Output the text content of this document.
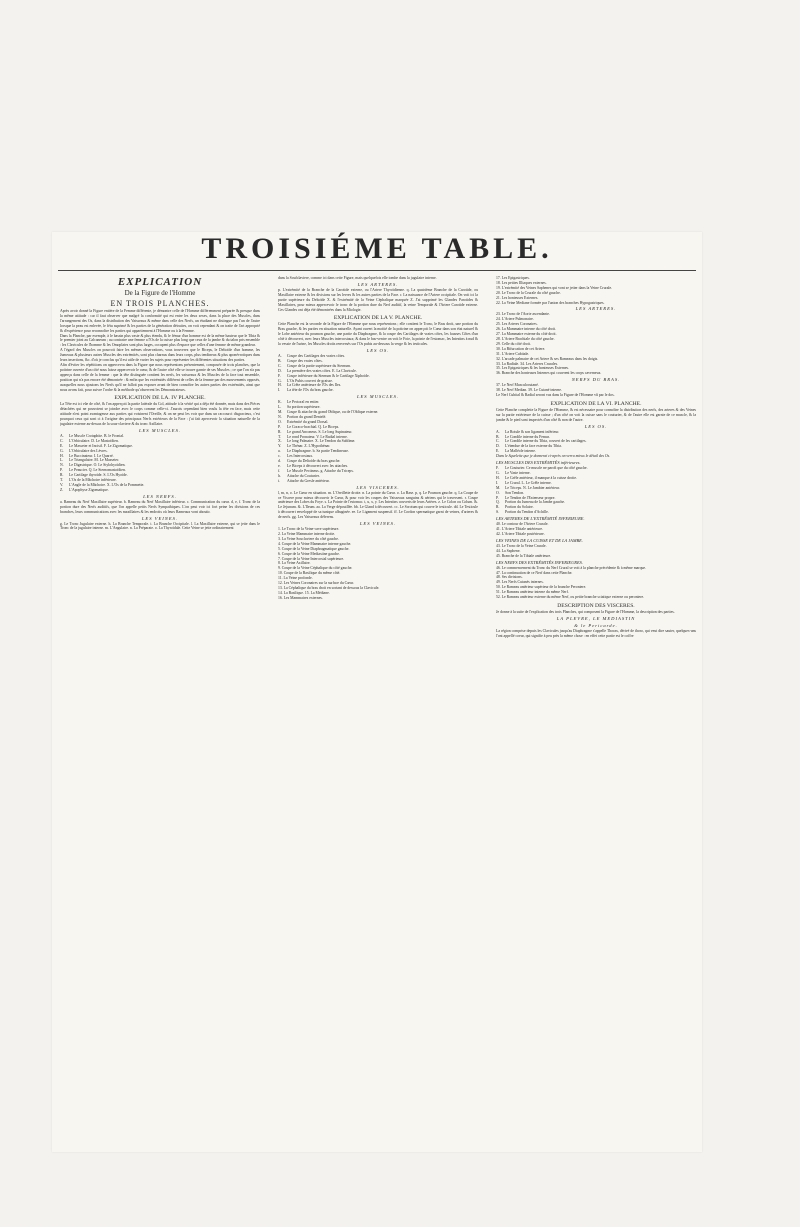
TROISIÉME TABLE.
EXPLICATION
De la Figure de l'Homme
EN TROIS PLANCHES.

Après avoir donné la Figure entiére de la Femme différente, je démontre celle de l'Homme différemment préparée & presque dans la même attitude : car il faut observer que malgré la conformité qui est entre les deux sexes, dans la place des Muscles, dans l'arrangement des Os, dans la distribution des Vaisseaux & même dans celle des Nerfs, un étudiant ne distingue pas l'un de l'autre lorsque la peau est enlevée, le fétu suprimé & les parties de la génération détruites, on voit cependant & on traite de l'art approprié & d'expérience pour reconnoître les parties qui appartiennent à l'Homme ou à la Femme.

Dans la Planche, par exemple, à le bassin plus vaste & plus étendu, & le fémur d'un homme est de la même hauteur que le Tibia & le premier joint au Calcaneum ; au contraire une femme a l'Os de la cuisse plus long que ceux de la jambe & du talon pris ensemble : les Clavicules de l'homme & les Omoplates sont plus larges, occupent plus d'espace que celles d'une femme de même grandeur.

A l'égard des Muscles on pourroit faire les mêmes observations, vous trouverez que le Biceps, le Deltoïde d'un homme, les Jumeaux & plusieurs autres Muscles des extrémités, sont plus charnus dans leurs corps, plus tendineux & plus aponévrotiques dans leurs insertions, &c. d'où je conclus qu'il est utile de varier les sujets pour représenter les différentes situations des parties.

Afin d'éviter les répétitions on appercevra dans la Figure que nous représentons présentement, composée de trois planches, que la poitrine ouverte d'un côté nous laisse appercevoir le cœur, & de l'autre côté elle se trouve garnie de ses Muscles ; ce que l'on n'a pas apperçu dans celle de la femme : que la tête distinguée contient les nerfs, les vaisseaux & les Muscles de la face tout ensemble, position qui n'a pas encore été démontrée : & enfin que les extrémités différent de celles de la femme par des mouvements opposés, auxquelles nous ajoutons les Nerfs qu'il ne falloit pas exposer avant de bien connoître les autres parties des extrémités, ainsi que nous avons fait, pour suivre l'ordre & la méthode qu'observent les Démonstrateurs.

EXPLICATION DE LA. IV PLANCHE.

La Tête est ici vûe de côté, & l'on apperçoit la partie latérale du Col, attitude à la vérité qui a déja été donnée, mais dans des Piéces détachées qui ne pouvoient se joindre avec le corps comme celle-ci. J'aurois cependant bien voulu la tête en face, mais cette attitude n'est point avantageuse aux parties qui voisinent l'Oreille, & on ne peut les voir que dans un raccourci disgracieux, c'est pourquoi ceux qui sont ci à l'origine des principaux Nerfs extérieurs de la Face : j'ai fait apercevoir la situation naturelle de la jugulaire externe au-dessus de la sous-claviere & du tronc Axillaire.

LES MUSCLES.
A. Le Muscle Crotaphite. B. le Frontal.
C. L'Orbiculaire. D. Le Mastoïdien.
E. Le Masseter et Incisif. F. Le Zigomatique.
G. L'Orbiculaire des Lèvres.
H. Le Buccinateur. I. Le Quarré.
L. Le Triangulaire. M. Le Masseter.
N. Le Digastrique. O. Le Stylohyoïdien.
P. Le Peaucier. Q. Le Sternomastoïdien.
R. Le Cartilage thyroïde. S. L'Os Hyoïde.
T. L'Os de la Mâchoire inférieure.
V. L'Angle de la Mâchoire. X. L'Os de la Pommette.
Z. L'Apophyse Zigomatique.
LES NERFS.

a. Rameau du Nerf Maxillaire supérieur. b. Rameau du Nerf Maxillaire inférieur. c. Communication du cœur. d, e, f. Tronc de la portion dure des Nerfs auditifs, que l'on appelle petits Nerfs Sympathiques. L'on peut voir ici fort peine les divisions de ces branches, leurs communications avec les maxillaires & les endroits où leurs Rameaux vont aboutir.

LES VEINES.

g. Le Tronc Jugulaire externe. h. La Branche Temporale. i. La Branche Occipitale. l. La Maxillaire externe, qui se jette dans le Tronc de la jugulaire interne. m. L'Angulaire. n. La Préparate. o. La Thyroïdale. Cette Veine se jette ordinairement

dans la Soufclaviere, comme ici dans cette Figure, mais quelquefois elle tombe dans la jugulaire interne.

LES ARTERES.

p. L'extrémité de la Branche de la Carotide externe, ou l'Artere Thyroïdienne. q. La quatrième Branche de la Carotide, ou Maxillaire externe & les divisions sur les levres & les autres parties de la Face. r. La naissance de l'Artere occipitale. On voit ici la partie supérieure du Deltoïde X. & l'extrémité de la Veine Céphalique marquée Z. J'ai supprimé les Glandes Parotides & Maxillaires, pour mieux appercevoir le tronc de la portion dure du Nerf auditif, la veine Temporale & l'Artere Carotide externe. Ces Glandes ont déja été démontrées dans la Miologie.

EXPLICATION DE LA V. PLANCHE.

Cette Planche est la seconde de la Figure de l'Homme que nous représentons ; elle contient le Tronc, le Bras droit, une portion du Bras gauche, & les parties en situation naturelle. Ayant ouvert la moitié de la poitrine on apperçoit le Cœur dans son état naturel & le Lobe antérieur du poumon gauche, une partie du Diaphragme, & la coupe des Cartilages de vraies côtes, les fausses Côtes d'un côté à découvert, avec leurs Muscles intercostaux; & dans le bas-ventre on voit le Foie, la pointe de l'estomac, les Intestins à nud & la vessie de l'urine, les Muscles droits renversés sur l'Os pubis au-dessous la verge & les testicules.

LES OS.
A. Coupe des Cartilages des vraies côtes.
B. Coupe des vraies côtes.
C. Coupe de la partie supérieure du Sternum.
D. La première des vraies côtes. E. La Clavicule.
F. Coupe inférieure du Sternum & le Cartilage Xiphoïde.
G. L'Os Pubis couvert de graisse.
H. La Crête antérieure de l'Os des Iles.
I. La tête de l'Os du bras gauche.
LES MUSCLES.
K. Le Pectoral en entier.
L. Sa portion supérieure.
M. Coupe & attache du grand Oblique, ou de l'Oblique externe.
N. Portion du grand Dentelé.
O. Extrémité du grand Dorsal.
P. Le Coraco-brachial. Q. Le Biceps.
R. Le grand Anconeus. S. Le long Supinateur.
T. Le rond Pronateur. V. Le Radial interne.
X. Le long Palmaire. X. Le Tendon du Sublime.
Y. Le Thénar. Z. L'Hypothénar.
a. Le Diaphragme. b. Sa partie Tendineuse.
c. Les Intercostaux.
d. Coupe du Deltoïde du bras gauche.
e. Le Biceps à découvert avec les attaches.
f. Le Muscle Pectineus. g. Attache du Triceps.
h. Attache du Couturier.
i. Attache du Gresle antérieur.
LES VISCERES.

l, m, n, o. Le Cœur en situation. m. L'Oreillette droite. n. La pointe du Cœur. o. La Base. p, q. Le Poumon gauche. q. La Coupe de ce Viscere pour mieux découvrir le Cœur, & pour voir les coupes des Vaisseaux sanguins & aériens qui le traversent. r. Coupe antérieure des Lobes du Foye. s. La Pointe de l'estomac. t, u, x, y. Les Intestins couverts de leurs Artères. z. Le Colon ou Colum. &. Le Jejunum. &. L'Ileum. aa. La Verge dépouillée. bb. Le Gland à découvert. cc. Le Scrotum qui couvre le testicule. dd. Le Testicule à découvert enveloppé de sa tunique albuginée. ee. Le Ligament suspensif. ff. Le Cordon spermatique garni de veines, d'arteres & de nerfs. gg. Les Vaisseaux déferens.

LES VEINES.
1. Le Tronc de la Veine-cave supérieure.
2. La Veine Mammaire interne droite.
3. La Veine Souclaviere du côté gauche.
4. Coupe de la Veine Mammaire interne gauche.
5. Coupe de la Veine Diaphragmatique gauche.
6. Coupe de la Veine Mediastine gauche.
7. Coupe de la Veine Intercostal supérieure.
8. La Veine Axillaire.
9. Coupe de la Veine Céphalique du côté gauche.
10. Coupe de la Basilique du même côté.
11. La Veine profonde.
12. Les Veines Coronaires sur la surface du Cœur.
13. La Céphalique du bras droit en sortant de dessous la Clavicule.
14. La Basilique. 15. La Médiane.
16. Les Mammaires externes.
17. Les Epigastriques.
18. Les petites Illiaques externes.
19. L'extrémité des Veines Saphenes qui vont se jetter dans la Veine Crurale.
20. Le Tronc de la Crurale du côté gauche.
21. Les honteuses Externes.
22. La Veine Mediane formée par l'union des branches Hypogastriques.
LES ARTERES.
23. Le Tronc de l'Aorte ascendante.
24. L'Artere Pulmonaire.
25. Les Arteres Coronaires.
26. La Mammaire interne du côté droit.
27. La Mammaire externe du côté droit.
28. L'Artere Brachiale du côté gauche.
29. Celle du côté droit.
30. La Bifurcation de cet Artere.
31. L'Artere Cubitale.
32. L'arcade palmaire de cet Artere & ses Rameaux dans les doigts.
33. La Radiale. 34. Les Arteres Crurales.
35. Les Epigastriques & les honteuses Externes.
36. Branche des honteuses Internes qui couvrent les corps caverneux.
NERFS DU BRAS.
37. Le Nerf Musculocutané.
38. Le Nerf Median. 39. Le Cutané interne.
Le Nerf Cubital & Radial seront vus dans la Figure de l'Homme vû par le dos.
EXPLICATION DE LA VI. PLANCHE.

Cette Planche complette la Figure de l'Homme, & est nécessaire pour connoître la distribution des nerfs, des arteres & des Veines sur la partie extérieure de la cuisse ; d'un côté on voit la cuisse sans le couturier, & de l'autre elle est garnie de ce muscle, & la jambe & le pied sont inspectés d'un côté & non de l'autre.

LES OS.
A. La Rotule & son ligament inférieur.
B. Le Condile interne du Femur.
C. Le Condile interne du Tibia, couvert de les cartilages.
D. L'étendue de la face externe du Tibia.
E. La Malléole interne.

Dans le Squelette que je donnerai ci-après on verra mieux le détail des Os.

LES MUSCLES DES EXTRÉMITÉS inférieures.
F. Le Couturier. Ce muscle ne paroît que du côté gauche.
G. Le Vaste interne.
H. Le Grêle antérieur, il manque à la cuisse droite.
I. Le Crural. L. Le Grêle interne.
M. Le Triceps. N. Le Jambier antérieur.
O. Son Tendon.
P. Le Tendon de l'Extenseur propre.
Q. Portion du Jumeau de la Jambe gauche.
R. Portion du Solaire.
S. Portion du Tendon d'Achille.
LES ARTERES DE L'EXTRÉMITÉ INFERIEURE.
40. Le contour de l'Artere Crurale.
41. L'Artere Tibiale antérieure.
42. L'Artere Tibiale postérieure.
LES VEINES DE LA CUISSE ET DE LA JAMBE.
43. Le Tronc de la Veine Crurale.
44. La Saphene.
45. Branche de la Tibiale antérieure.
LES NERFS DES EXTRÉMITÉS INFERIEURES.
46. Le commencement du Tronc du Nerf Crural se voit à la planche précédente & à même marque.
47. La continuation de ce Nerf dans cette Planche.
48. Ses divisions.
49. Les Nerfs Cutanés internes.
50. Le Rameau antérieur supérieur de la branche Peroniere.
51. Le Rameau antérieur interne du même Nerf.
52. Le Rameau antérieur externe du même Nerf, ou petite branche sciatique externe ou peroniere.
DESCRIPTION DES VISCERES.

Je donne à la suite de l'explication des trois Planches, qui composent la Figure de l'Homme, la description des parties.

LA PLEVRE, LE MEDIASTIN
& le Pericarde.

La région comprise depuis les Clavicules jusqu'au Diaphragme s'appelle Thorax, dérivé de thoro, qui veut dire sauter, quelques-uns l'ont appellé coeur, qui signifie à peu près la même chose : en effet cette partie est le coffre
